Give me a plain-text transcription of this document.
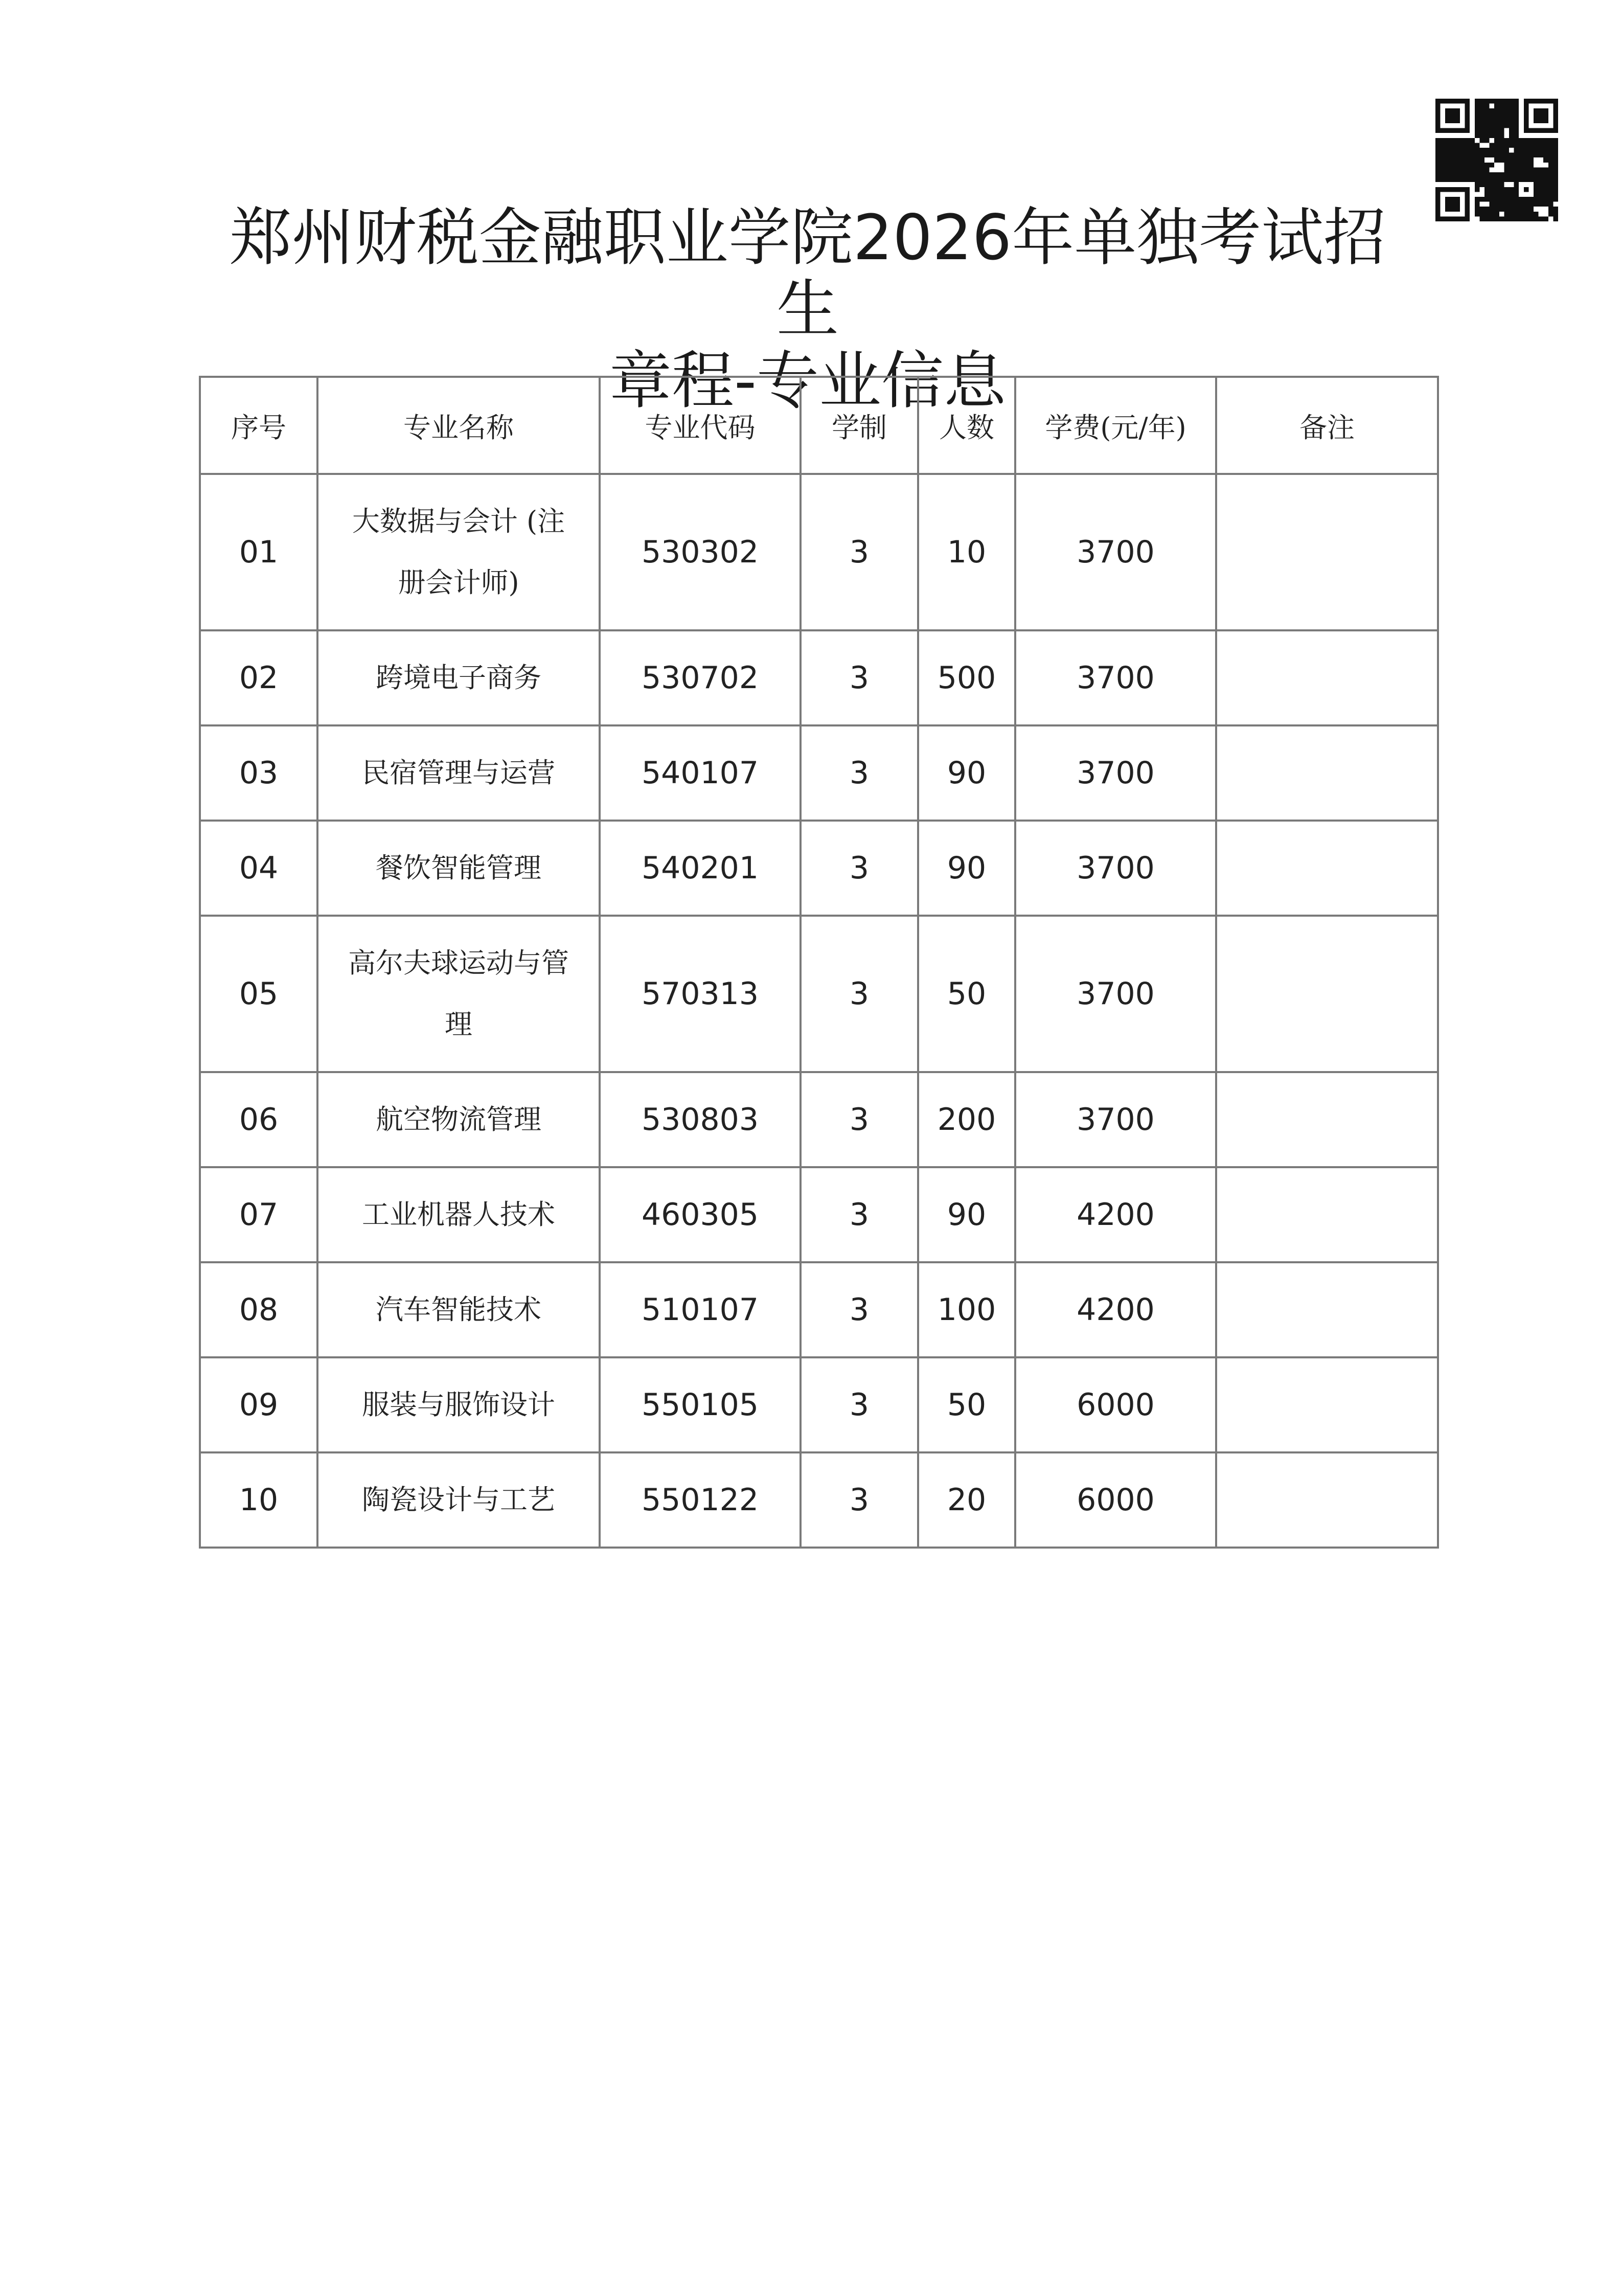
郑州财税金融职业学院2026年单独考试招生
章程-专业信息
序号	专业名称	专业代码	学制	人数	学费(元/年)	备注
01	大数据与会计 (注
册会计师)	530302	3	10	3700	
02	跨境电子商务	530702	3	500	3700	
03	民宿管理与运营	540107	3	90	3700	
04	餐饮智能管理	540201	3	90	3700	
05	高尔夫球运动与管
理	570313	3	50	3700	
06	航空物流管理	530803	3	200	3700	
07	工业机器人技术	460305	3	90	4200	
08	汽车智能技术	510107	3	100	4200	
09	服装与服饰设计	550105	3	50	6000	
10	陶瓷设计与工艺	550122	3	20	6000	
